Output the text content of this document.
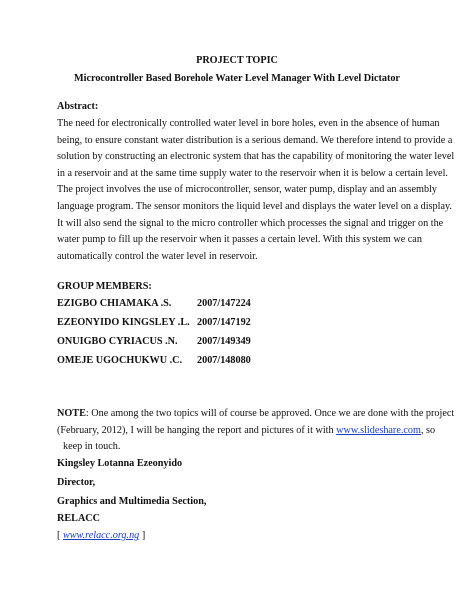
PROJECT TOPIC
Microcontroller Based Borehole Water Level Manager With Level Dictator
Abstract:
The need for electronically controlled water level in bore holes, even in the absence of human
being, to ensure constant water distribution is a serious demand. We therefore intend to provide a
solution by constructing an electronic system that has the capability of monitoring the water level
in a reservoir and at the same time supply water to the reservoir when it is below a certain level.
The project involves the use of microcontroller, sensor, water pump, display and an assembly
language program. The sensor monitors the liquid level and displays the water level on a display.
It will also send the signal to the micro controller which processes the signal and trigger on the
water pump to fill up the reservoir when it passes a certain level. With this system we can
automatically control the water level in reservoir.
GROUP MEMBERS:
EZIGBO CHIAMAKA .S.	2007/147224
EZEONYIDO KINGSLEY .L. 2007/147192
ONUIGBO CYRIACUS .N. 2007/149349
OMEJE UGOCHUKWU .C. 2007/148080
NOTE: One among the two topics will of course be approved. Once we are done with the project
(February, 2012), I will be hanging the report and pictures of it with www.slideshare.com, so
keep in touch.
Kingsley Lotanna Ezeonyido
Director,
Graphics and Multimedia Section,
RELACC
[ www.relacc.org.ng ]
